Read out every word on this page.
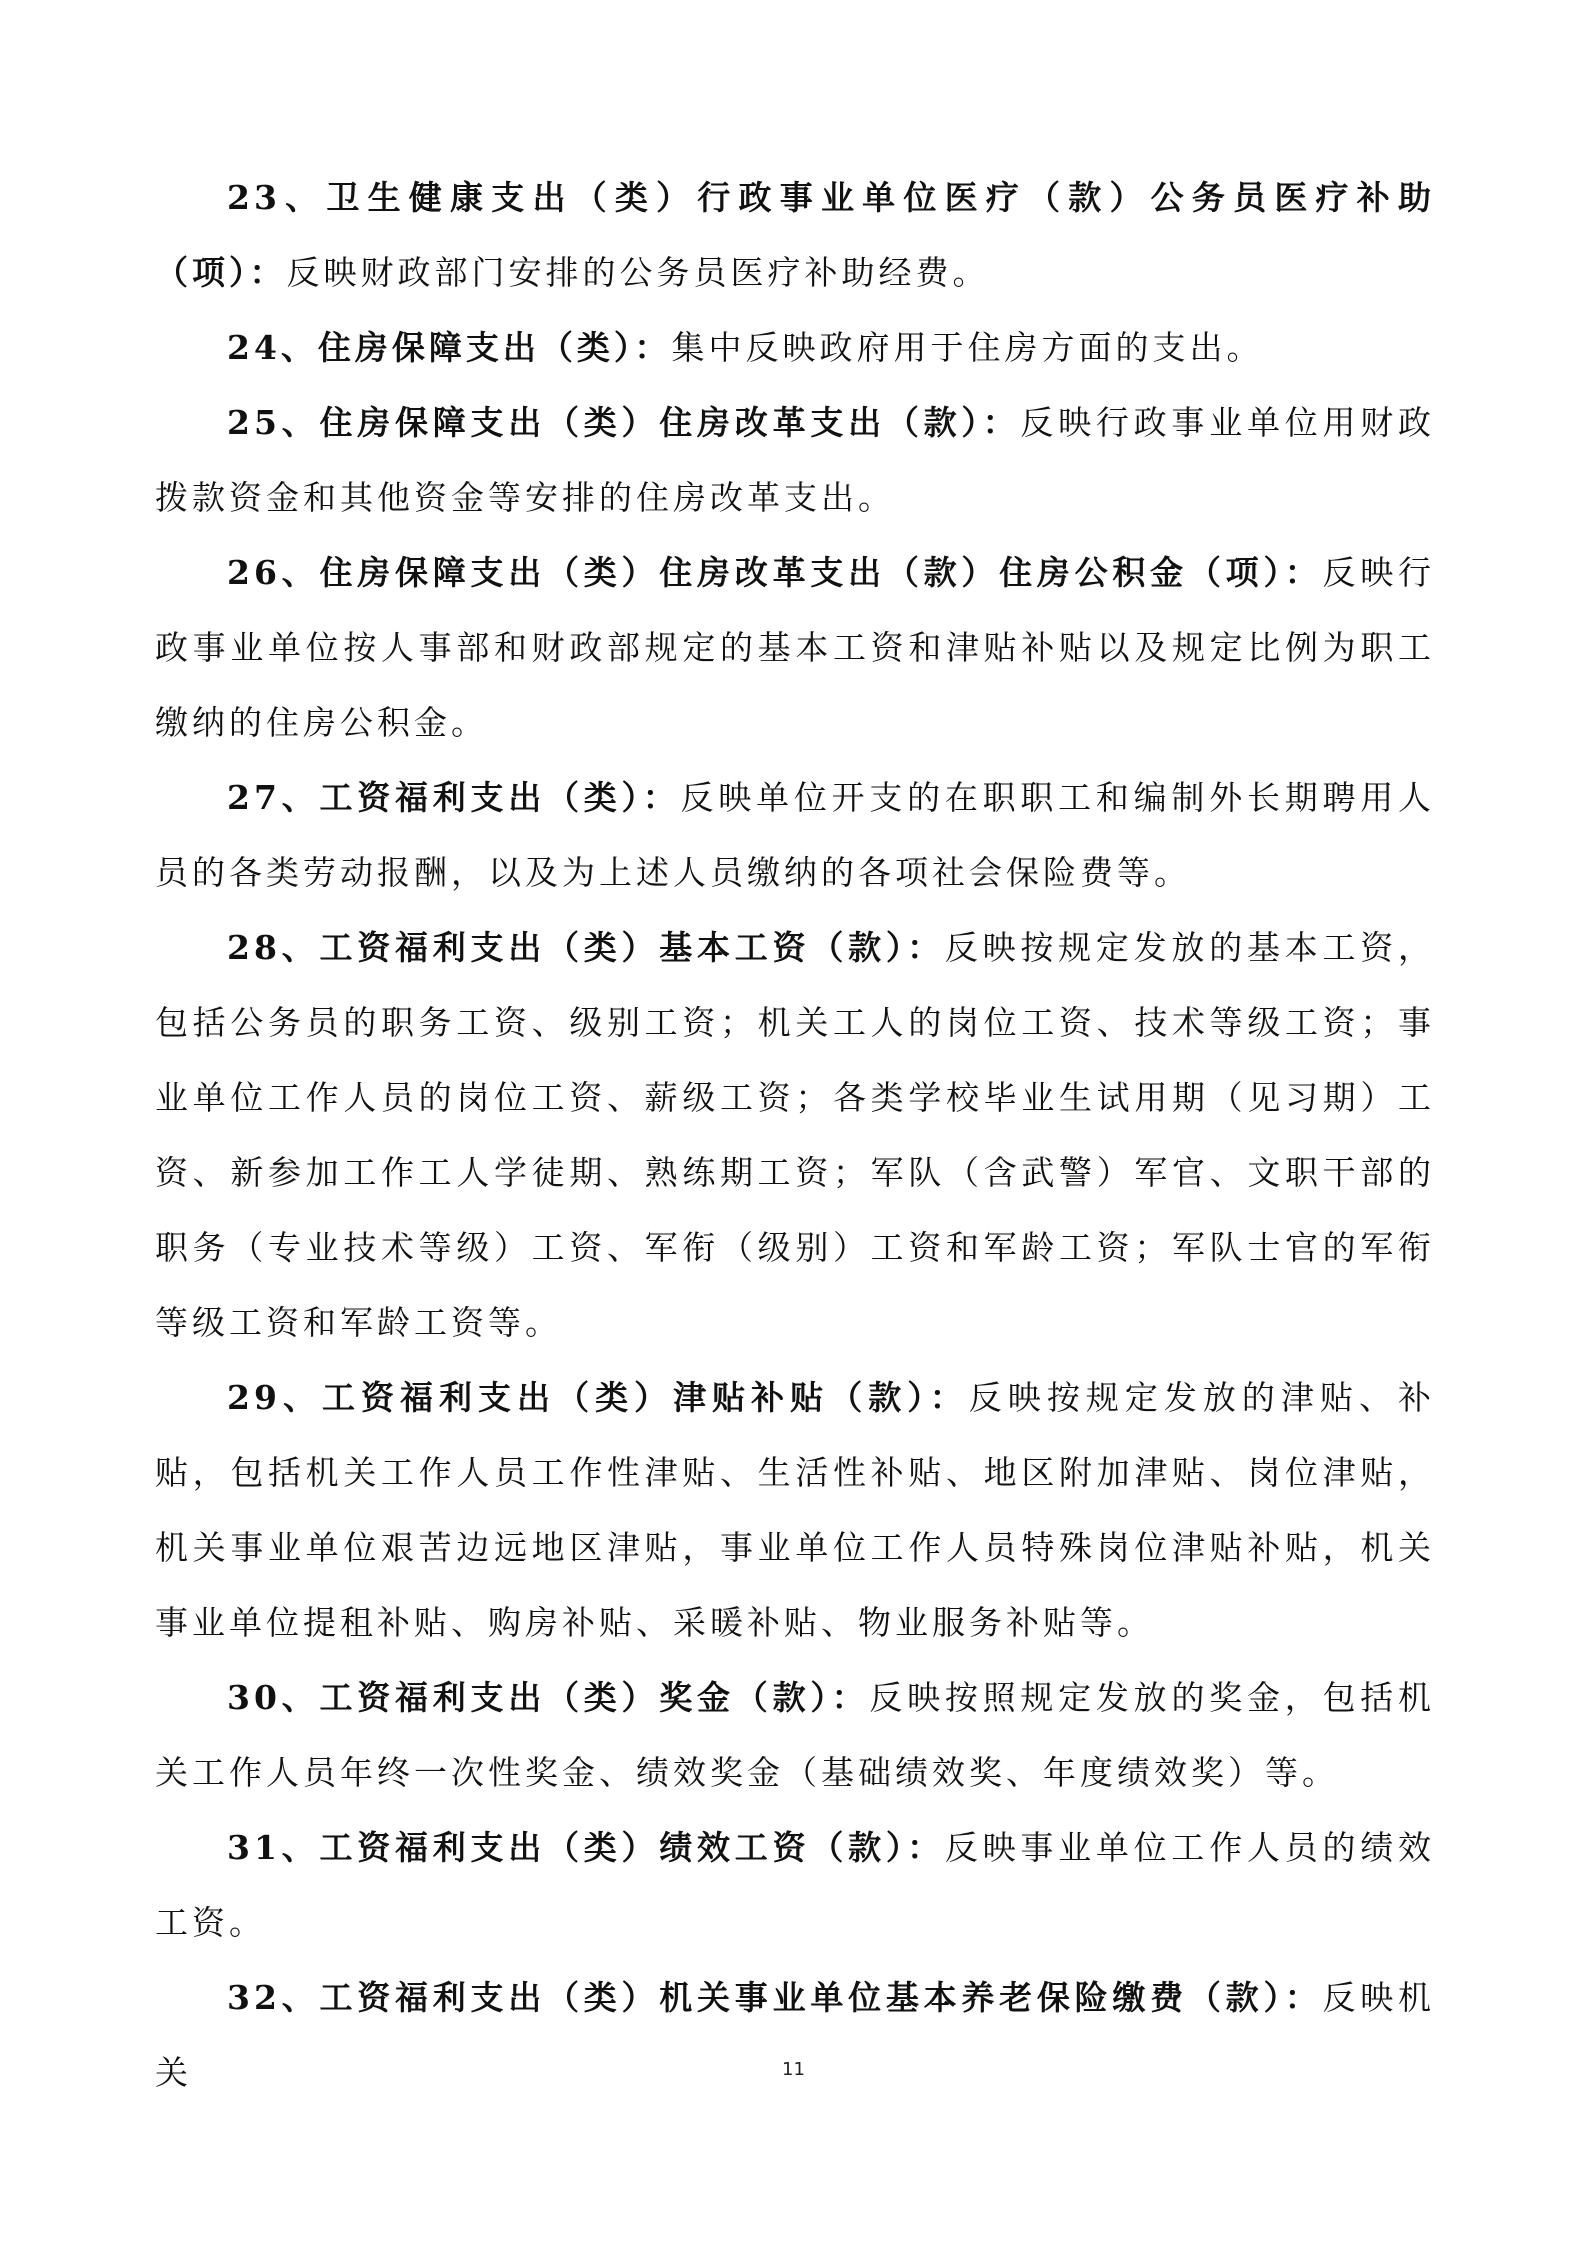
23、卫生健康支出（类）行政事业单位医疗（款）公务员医疗补助（项）：反映财政部门安排的公务员医疗补助经费。

24、住房保障支出（类）：集中反映政府用于住房方面的支出。

25、住房保障支出（类）住房改革支出（款）：反映行政事业单位用财政拨款资金和其他资金等安排的住房改革支出。

26、住房保障支出（类）住房改革支出（款）住房公积金（项）：反映行政事业单位按人事部和财政部规定的基本工资和津贴补贴以及规定比例为职工缴纳的住房公积金。

27、工资福利支出（类）：反映单位开支的在职职工和编制外长期聘用人员的各类劳动报酬，以及为上述人员缴纳的各项社会保险费等。

28、工资福利支出（类）基本工资（款）：反映按规定发放的基本工资，包括公务员的职务工资、级别工资；机关工人的岗位工资、技术等级工资；事业单位工作人员的岗位工资、薪级工资；各类学校毕业生试用期（见习期）工资、新参加工作工人学徒期、熟练期工资；军队（含武警）军官、文职干部的职务（专业技术等级）工资、军衔（级别）工资和军龄工资；军队士官的军衔等级工资和军龄工资等。

29、工资福利支出（类）津贴补贴（款）：反映按规定发放的津贴、补贴，包括机关工作人员工作性津贴、生活性补贴、地区附加津贴、岗位津贴，机关事业单位艰苦边远地区津贴，事业单位工作人员特殊岗位津贴补贴，机关事业单位提租补贴、购房补贴、采暖补贴、物业服务补贴等。

30、工资福利支出（类）奖金（款）：反映按照规定发放的奖金，包括机关工作人员年终一次性奖金、绩效奖金（基础绩效奖、年度绩效奖）等。

31、工资福利支出（类）绩效工资（款）：反映事业单位工作人员的绩效工资。

32、工资福利支出（类）机关事业单位基本养老保险缴费（款）：反映机关	11
